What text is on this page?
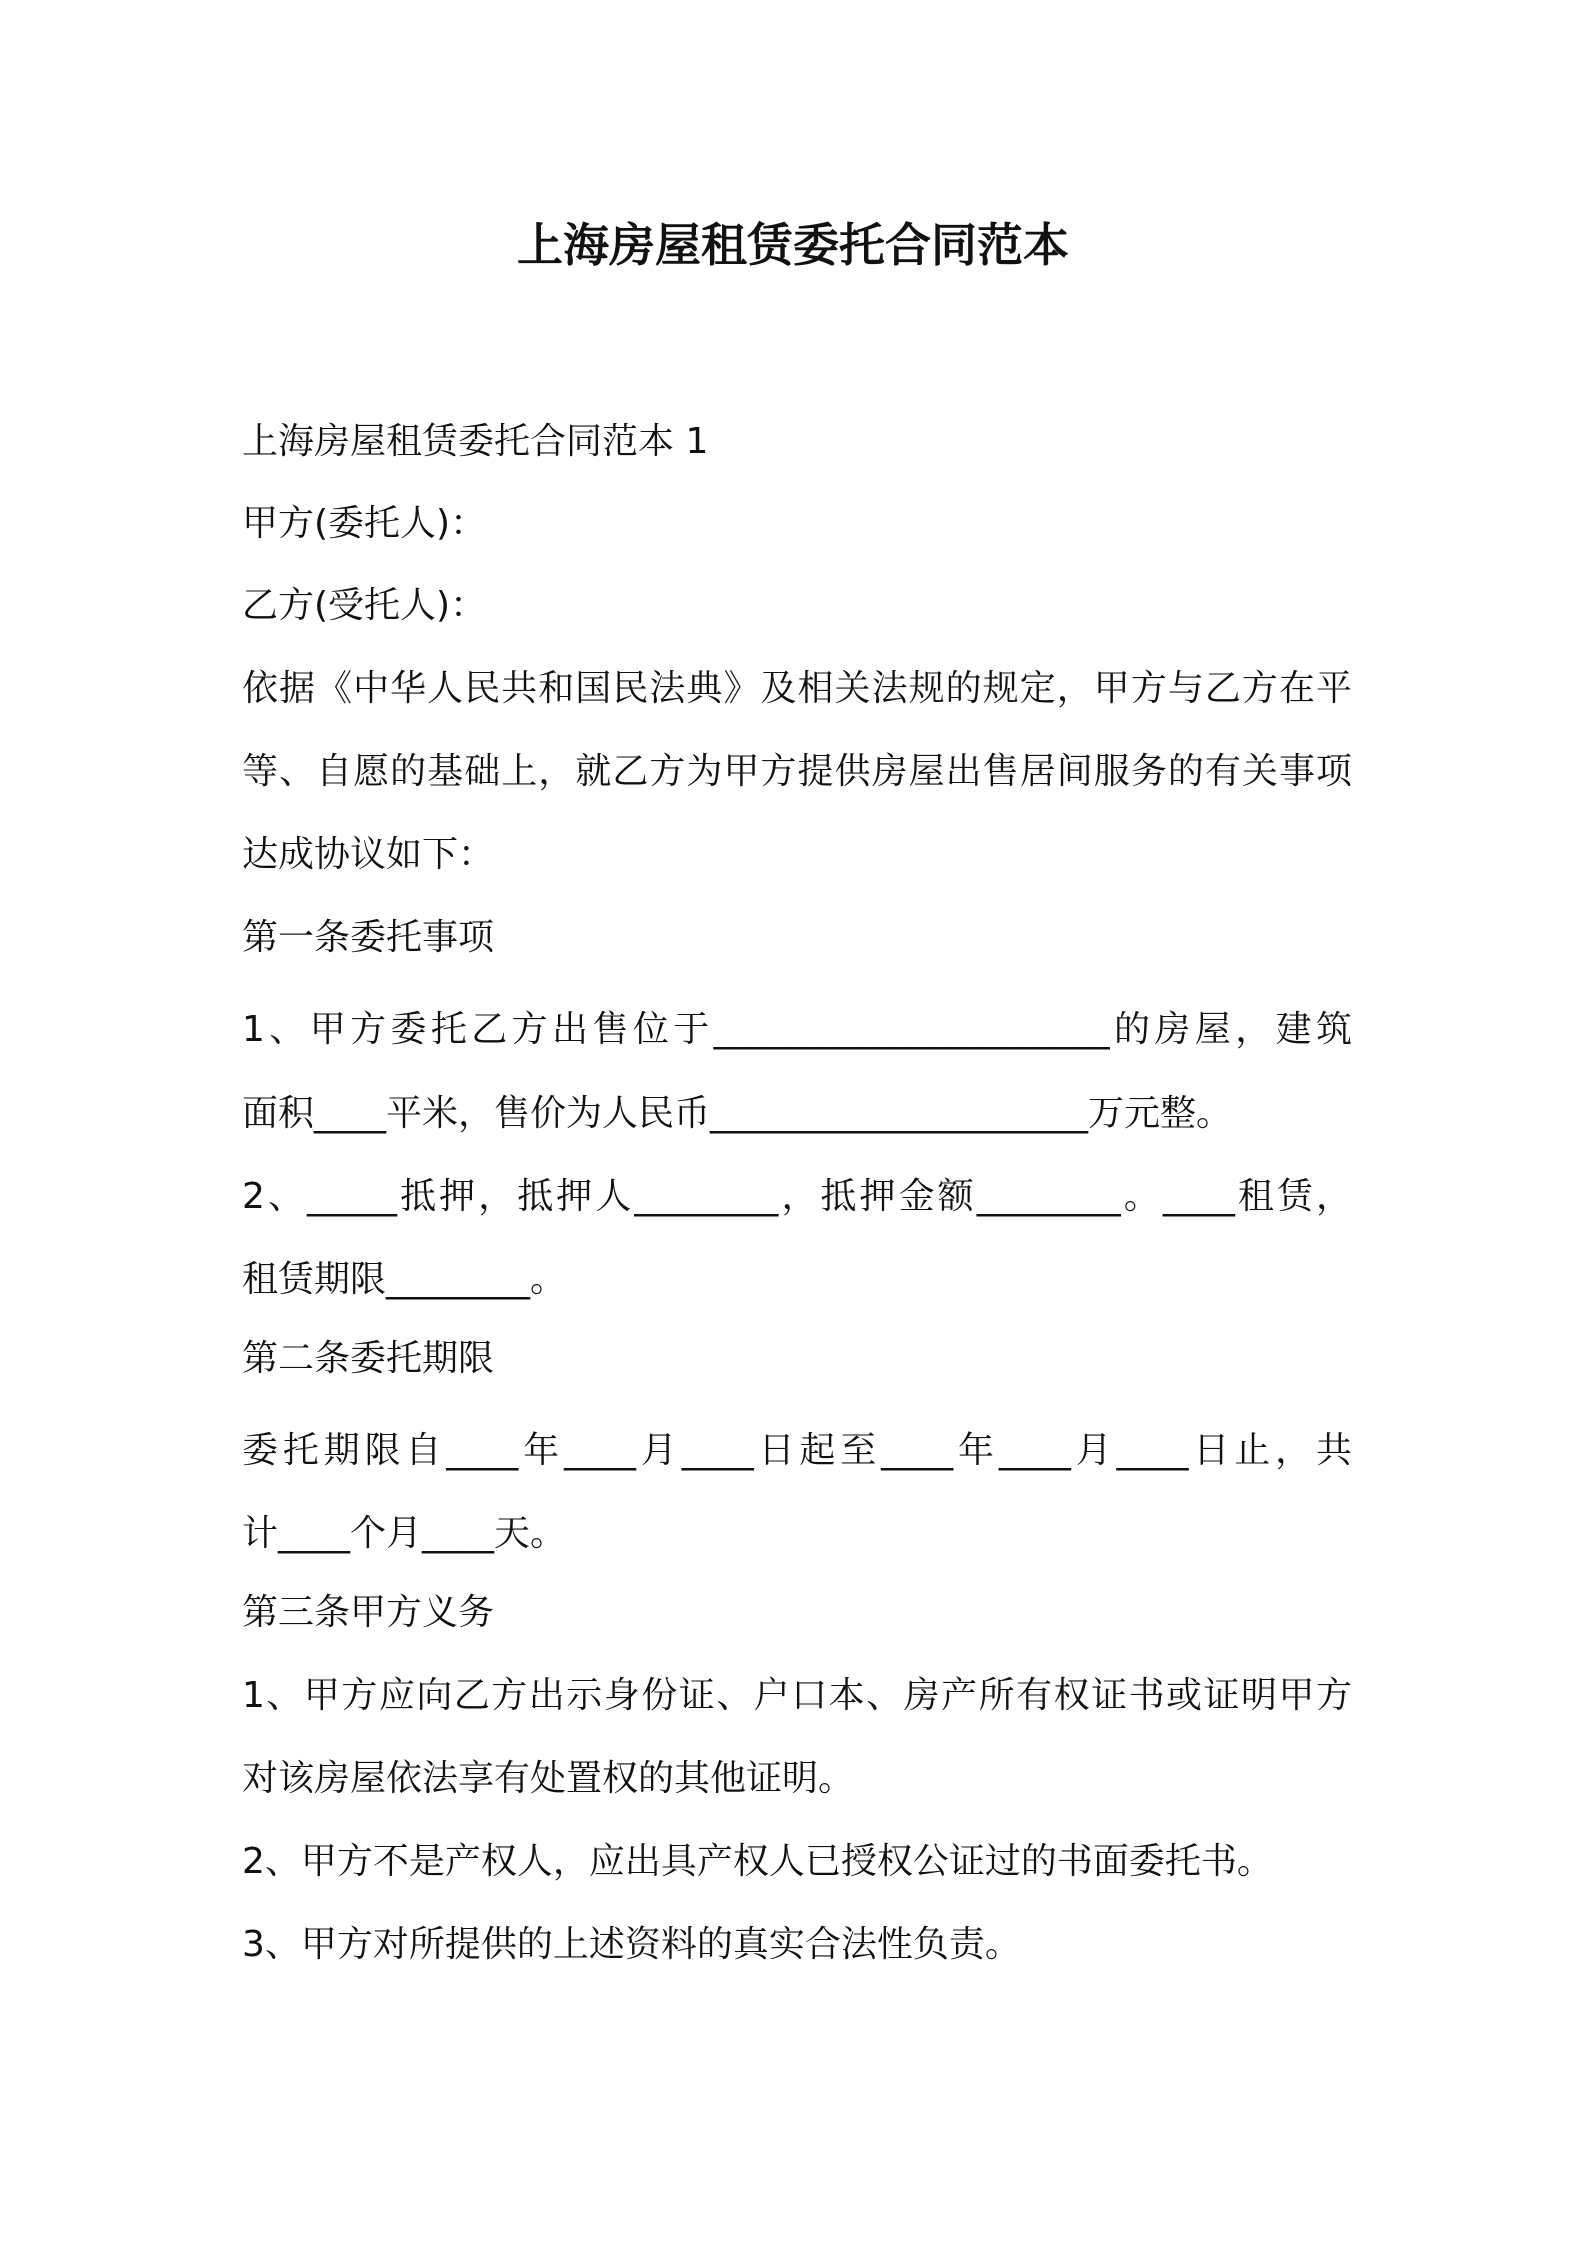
上海房屋租赁委托合同范本
上海房屋租赁委托合同范本 1
甲方(委托人)：
乙方(受托人)：
依据《中华人民共和国民法典》及相关法规的规定，甲方与乙方在平
等、自愿的基础上，就乙方为甲方提供房屋出售居间服务的有关事项
达成协议如下：
第一条委托事项
1、甲方委托乙方出售位于______________________的房屋，建筑
面积____平米，售价为人民币_____________________万元整。
2、_____抵押，抵押人________，抵押金额________。____租赁，
租赁期限________。
第二条委托期限
委托期限自____年____月____日起至____年____月____日止，共
计____个月____天。
第三条甲方义务
1、甲方应向乙方出示身份证、户口本、房产所有权证书或证明甲方
对该房屋依法享有处置权的其他证明。
2、甲方不是产权人，应出具产权人已授权公证过的书面委托书。
3、甲方对所提供的上述资料的真实合法性负责。
